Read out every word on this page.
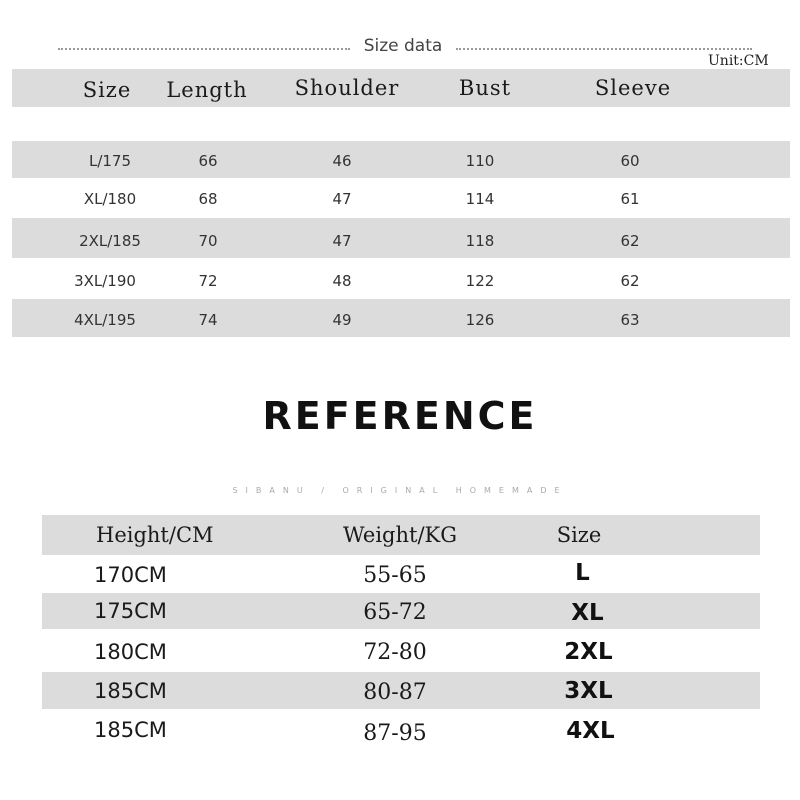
Size data
Unit:CM
Size	Length	Shoulder	Bust	Sleeve
L/175	66	46	110	60
XL/180	68	47	114	61
2XL/185	70	47	118	62
3XL/190	72	48	122	62
4XL/195	74	49	126	63
REFERENCE
SIBANU / ORIGINAL HOMEMADE
Height/CM	Weight/KG	Size
170CM	55-65	L
175CM	65-72	XL
180CM	72-80	2XL
185CM	80-87	3XL
185CM	87-95	4XL
